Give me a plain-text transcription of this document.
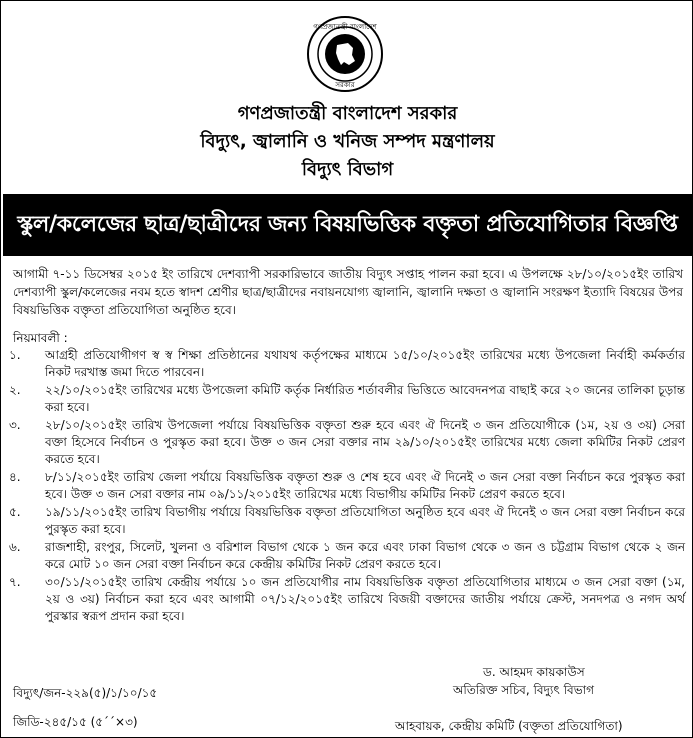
গণপ্রজাতন্ত্রী বাংলাদেশ
সরকার
গণপ্রজাতন্ত্রী বাংলাদেশ সরকার
বিদ্যুৎ, জ্বালানি ও খনিজ সম্পদ মন্ত্রণালয়
বিদ্যুৎ বিভাগ
স্কুল/কলেজের ছাত্র/ছাত্রীদের জন্য বিষয়ভিত্তিক বক্তৃতা প্রতিযোগিতার বিজ্ঞপ্তি
আগামী ৭-১১ ডিসেম্বর ২০১৫ ইং তারিখে দেশব্যাপী সরকারিভাবে জাতীয় বিদ্যুৎ সপ্তাহ পালন করা হবে। এ উপলক্ষে ২৮/১০/২০১৫ইং তারিখ দেশব্যাপী স্কুল/কলেজের নবম হতে স্বাদশ শ্রেণীর ছাত্র/ছাত্রীদের নবায়নযোগ্য জ্বালানি, জ্বালানি দক্ষতা ও জ্বালানি সংরক্ষণ ইত্যাদি বিষয়ের উপর বিষয়ভিত্তিক বক্তৃতা প্রতিযোগিতা অনুষ্ঠিত হবে।
নিয়মাবলী :
১.	আগ্রহী প্রতিযোগীগণ স্ব স্ব শিক্ষা প্রতিষ্ঠানের যথাযথ কর্তৃপক্ষের মাধ্যমে ১৫/১০/২০১৫ইং তারিখের মধ্যে উপজেলা নির্বাহী কর্মকর্তার নিকট দরখাস্ত জমা দিতে পারবেন।
২.	২২/১০/২০১৫ইং তারিখের মধ্যে উপজেলা কমিটি কর্তৃক নির্ধারিত শর্তাবলীর ভিত্তিতে আবেদনপত্র বাছাই করে ২০ জনের তালিকা চূড়ান্ত করা হবে।
৩.	২৮/১০/২০১৫ইং তারিখ উপজেলা পর্যায়ে বিষয়ভিত্তিক বক্তৃতা শুরু হবে এবং ঐ দিনেই ৩ জন প্রতিযোগীকে (১ম, ২য় ও ৩য়) সেরা বক্তা হিসেবে নির্বাচন ও পুরস্কৃত করা হবে। উক্ত ৩ জন সেরা বক্তার নাম ২৯/১০/২০১৫ইং তারিখের মধ্যে জেলা কমিটির নিকট প্রেরণ করতে হবে।
৪.	৮/১১/২০১৫ইং তারিখ জেলা পর্যায়ে বিষয়ভিত্তিক বক্তৃতা শুরু ও শেষ হবে এবং ঐ দিনেই ৩ জন সেরা বক্তা নির্বাচন করে পুরস্কৃত করা হবে। উক্ত ৩ জন সেরা বক্তার নাম ০৯/১১/২০১৫ইং তারিখের মধ্যে বিভাগীয় কমিটির নিকট প্রেরণ করতে হবে।
৫.	১৯/১১/২০১৫ইং তারিখ বিভাগীয় পর্যায়ে বিষয়ভিত্তিক বক্তৃতা প্রতিযোগিতা অনুষ্ঠিত হবে এবং ঐ দিনেই ৩ জন সেরা বক্তা নির্বাচন করে পুরস্কৃত করা হবে।
৬.	রাজশাহী, রংপুর, সিলেট, খুলনা ও বরিশাল বিভাগ থেকে ১ জন করে এবং ঢাকা বিভাগ থেকে ৩ জন ও চট্টগ্রাম বিভাগ থেকে ২ জন করে মোট ১০ জন সেরা বক্তা নির্বাচন করে কেন্দ্রীয় কমিটির নিকট প্রেরণ করতে হবে।
৭.	৩০/১১/২০১৫ইং তারিখ কেন্দ্রীয় পর্যায়ে ১০ জন প্রতিযোগীর নাম বিষয়ভিত্তিক বক্তৃতা প্রতিযোগিতার মাধ্যমে ৩ জন সেরা বক্তা (১ম, ২য় ও ৩য়) নির্বাচন করা হবে এবং আগামী ০৭/১২/২০১৫ইং তারিখে বিজয়ী বক্তাদের জাতীয় পর্যায়ে ক্রেস্ট, সনদপত্র ও নগদ অর্থ পুরস্কার স্বরূপ প্রদান করা হবে।
ড. আহমদ কায়কাউস
অতিরিক্ত সচিব, বিদ্যুৎ বিভাগ
আহবায়ক, কেন্দ্রীয় কমিটি (বক্তৃতা প্রতিযোগিতা)
বিদ্যুৎ/জন-২২৯(৫)/১/১০/১৫
জিডি-২৪৫/১৫ (৫´´×৩)
